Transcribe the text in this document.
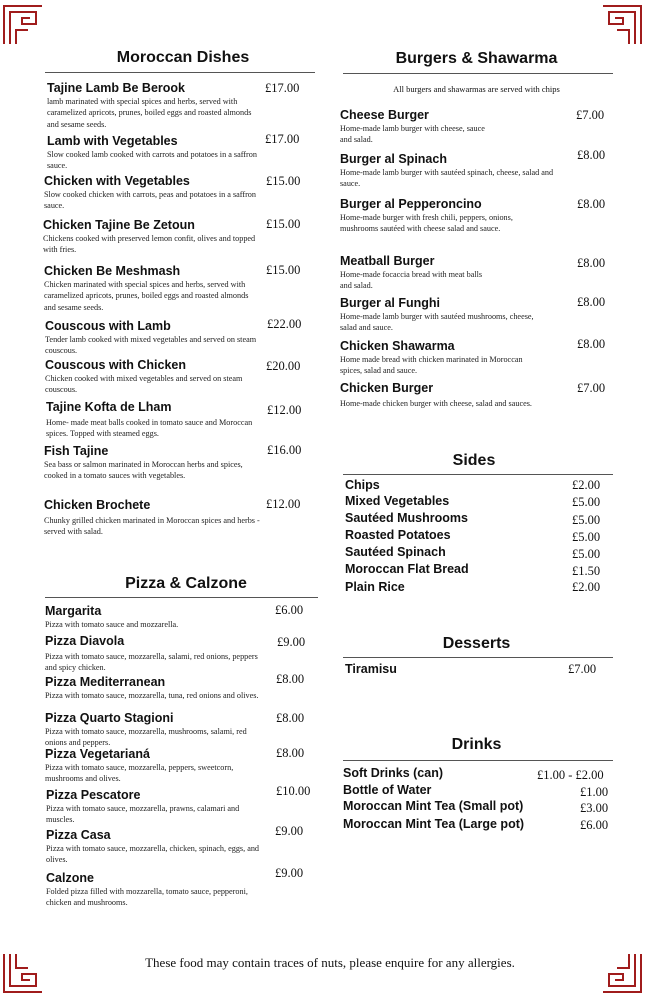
Moroccan Dishes
Tajine Lamb Be Berook
lamb marinated with special spices and herbs, served with caramelized apricots, prunes, boiled eggs and roasted almonds and sesame seeds.
£17.00
Lamb with Vegetables
Slow cooked lamb cooked with carrots and potatoes in a saffron sauce.
£17.00
Chicken with Vegetables
Slow cooked chicken with carrots, peas and potatoes in a saffron sauce.
£15.00
Chicken Tajine Be Zetoun
Chickens cooked with preserved lemon confit, olives and topped with fries.
£15.00
Chicken Be Meshmash
Chicken marinated with special spices and herbs, served with caramelized apricots, prunes, boiled eggs and roasted almonds and sesame seeds.
£15.00
Couscous with Lamb
Tender lamb cooked with mixed vegetables and served on steam couscous.
£22.00
Couscous with Chicken
Chicken cooked with mixed vegetables and served on steam couscous.
£20.00
Tajine Kofta de Lham
Home- made meat balls cooked in tomato sauce and Moroccan spices. Topped with steamed eggs.
£12.00
Fish Tajine
Sea bass or salmon marinated in Moroccan herbs and spices, cooked in a tomato sauces with vegetables.
£16.00
Chicken Brochete
Chunky grilled chicken marinated in Moroccan spices and herbs - served with salad.
£12.00
Pizza & Calzone
Margarita
Pizza with tomato sauce and mozzarella.
£6.00
Pizza Diavola
Pizza with tomato sauce, mozzarella, salami, red onions, peppers and spicy chicken.
£9.00
Pizza Mediterranean
Pizza with tomato sauce, mozzarella, tuna, red onions and olives.
£8.00
Pizza Quarto Stagioni
Pizza with tomato sauce, mozzarella, mushrooms, salami, red onions and peppers.
£8.00
Pizza Vegetarianá
Pizza with tomato sauce, mozzarella, peppers, sweetcorn, mushrooms and olives.
£8.00
Pizza Pescatore
Pizza with tomato sauce, mozzarella, prawns, calamari and muscles.
£10.00
Pizza Casa
Pizza with tomato sauce, mozzarella, chicken, spinach, eggs, and olives.
£9.00
Calzone
Folded pizza filled with mozzarella, tomato sauce, pepperoni, chicken and mushrooms.
£9.00
Burgers & Shawarma
All burgers and shawarmas are served with chips
Cheese Burger
Home-made lamb burger with cheese, sauce and salad.
£7.00
Burger al Spinach
Home-made lamb burger with sautéed spinach, cheese, salad and sauce.
£8.00
Burger al Pepperoncino
Home-made burger with fresh chili, peppers, onions, mushrooms sautéed with cheese salad and sauce.
£8.00
Meatball Burger
Home-made focaccia bread with meat balls and salad.
£8.00
Burger al Funghi
Home-made lamb burger with sautéed mushrooms, cheese, salad and sauce.
£8.00
Chicken Shawarma
Home made bread with chicken marinated in Moroccan spices, salad and sauce.
£8.00
Chicken Burger
Home-made chicken burger with cheese, salad and sauces.
£7.00
Sides
Chips	£2.00
Mixed Vegetables	£5.00
Sautéed Mushrooms	£5.00
Roasted Potatoes	£5.00
Sautéed Spinach	£5.00
Moroccan Flat Bread	£1.50
Plain Rice	£2.00
Desserts
Tiramisu	£7.00
Drinks
Soft Drinks (can)	£1.00 - £2.00
Bottle of Water	£1.00
Moroccan Mint Tea (Small pot)	£3.00
Moroccan Mint Tea (Large pot)	£6.00
These food may contain traces of nuts, please enquire for any allergies.
